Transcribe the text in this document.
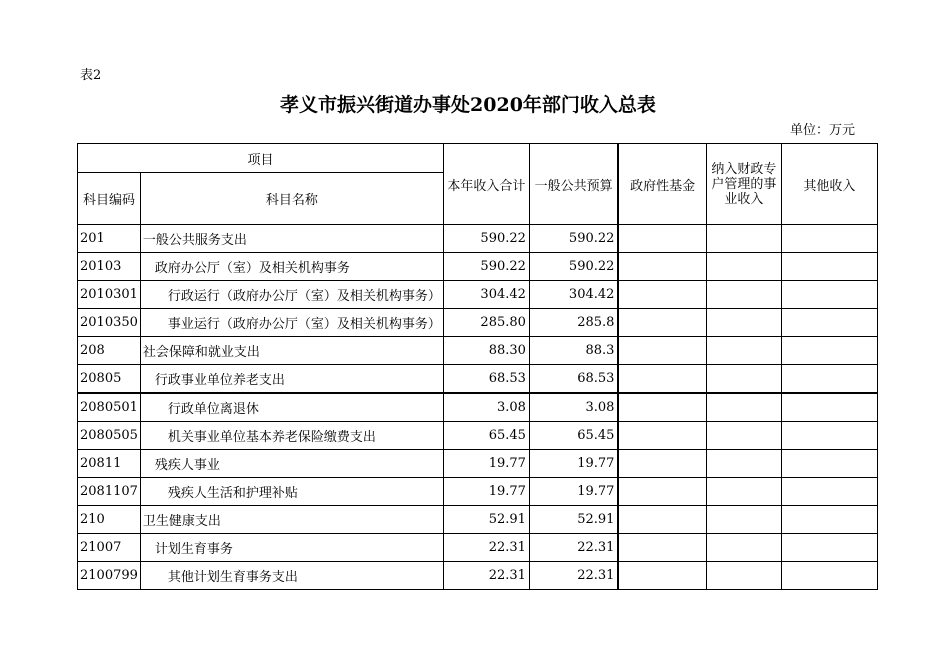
表2
孝义市振兴街道办事处2020年部门收入总表
单位：万元
项目		本年收入合计	一般公共预算	政府性基金	纳入财政专户管理的事业收入	其他收入
科目编码	科目名称					
201	一般公共服务支出	590.22	590.22			
20103	政府办公厅（室）及相关机构事务	590.22	590.22			
2010301	行政运行（政府办公厅（室）及相关机构事务）	304.42	304.42			
2010350	事业运行（政府办公厅（室）及相关机构事务）	285.80	285.8			
208	社会保障和就业支出	88.30	88.3			
20805	行政事业单位养老支出	68.53	68.53			
2080501	行政单位离退休	3.08	3.08			
2080505	机关事业单位基本养老保险缴费支出	65.45	65.45			
20811	残疾人事业	19.77	19.77			
2081107	残疾人生活和护理补贴	19.77	19.77			
210	卫生健康支出	52.91	52.91			
21007	计划生育事务	22.31	22.31			
2100799	其他计划生育事务支出	22.31	22.31			
